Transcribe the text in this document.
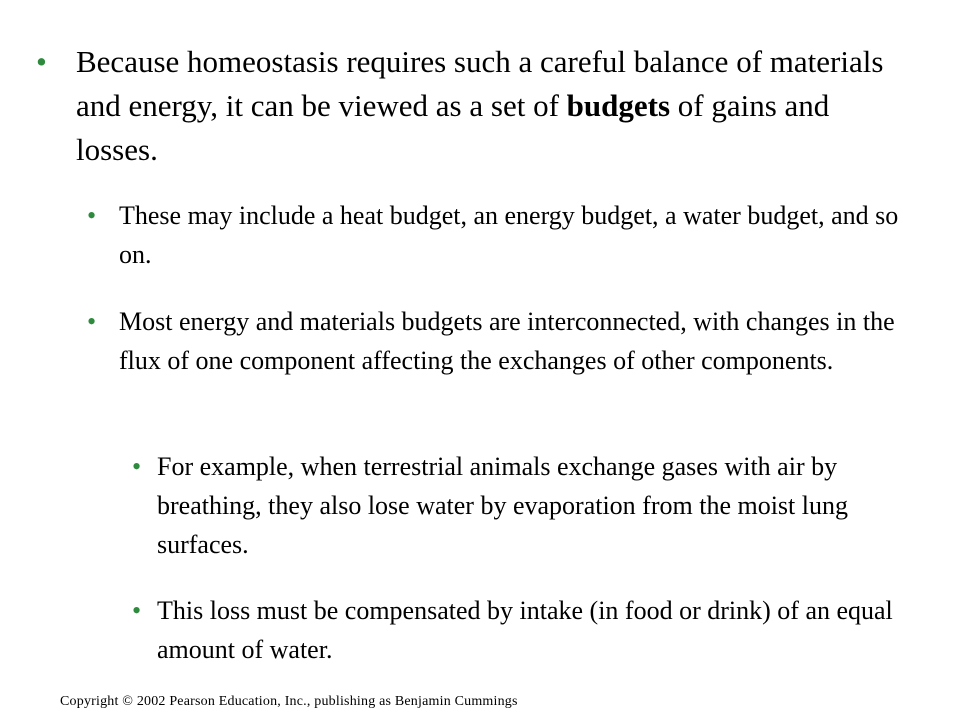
• Because homeostasis requires such a careful balance of materials and energy, it can be viewed as a set of budgets of gains and losses.
• These may include a heat budget, an energy budget, a water budget, and so on.
• Most energy and materials budgets are interconnected, with changes in the flux of one component affecting the exchanges of other components.
• For example, when terrestrial animals exchange gases with air by breathing, they also lose water by evaporation from the moist lung surfaces.
• This loss must be compensated by intake (in food or drink) of an equal amount of water.
Copyright © 2002 Pearson Education, Inc., publishing as Benjamin Cummings
